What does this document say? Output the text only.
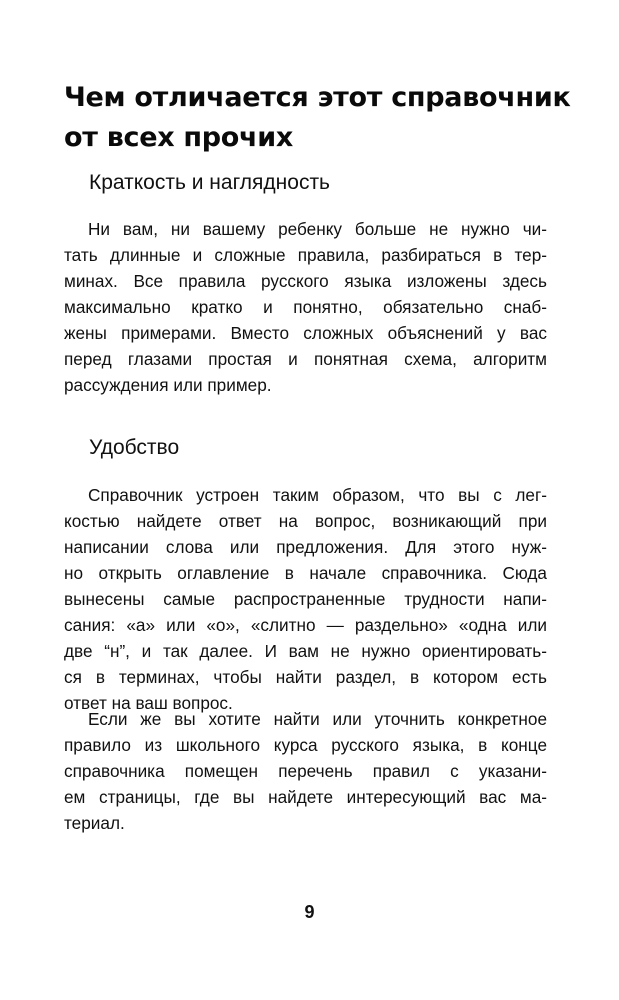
Чем отличается этот справочник
от всех прочих
Краткость и наглядность
Ни вам, ни вашему ребенку больше не нужно чи-
тать длинные и сложные правила, разбираться в тер-
минах. Все правила русского языка изложены здесь
максимально кратко и понятно, обязательно снаб-
жены примерами. Вместо сложных объяснений у вас
перед глазами простая и понятная схема, алгоритм
рассуждения или пример.
Удобство
Справочник устроен таким образом, что вы с лег-
костью найдете ответ на вопрос, возникающий при
написании слова или предложения. Для этого нуж-
но открыть оглавление в начале справочника. Сюда
вынесены самые распространенные трудности напи-
сания: «а» или «о», «слитно — раздельно» «одна или
две “н”, и так далее. И вам не нужно ориентировать-
ся в терминах, чтобы найти раздел, в котором есть
ответ на ваш вопрос.
Если же вы хотите найти или уточнить конкретное
правило из школьного курса русского языка, в конце
справочника помещен перечень правил с указани-
ем страницы, где вы найдете интересующий вас ма-
териал.
9
